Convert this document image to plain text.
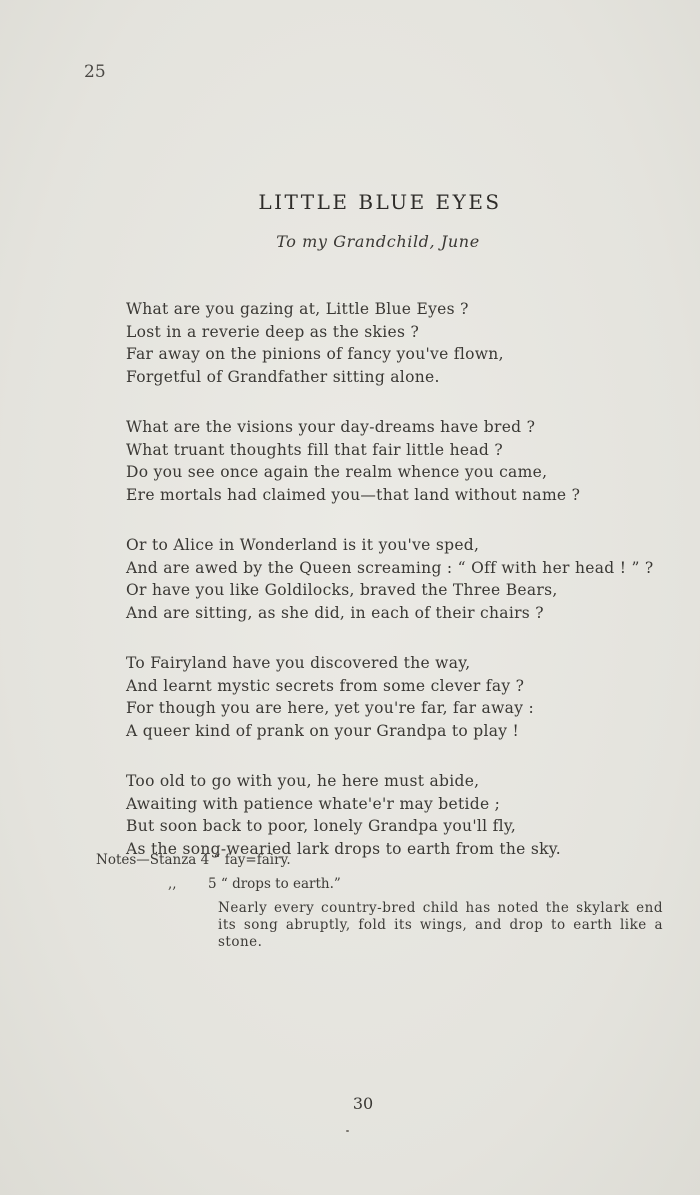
25
LITTLE BLUE EYES
To my Grandchild, June
What are you gazing at, Little Blue Eyes ?
Lost in a reverie deep as the skies ?
Far away on the pinions of fancy you've flown,
Forgetful of Grandfather sitting alone.
What are the visions your day-dreams have bred ?
What truant thoughts fill that fair little head ?
Do you see once again the realm whence you came,
Ere mortals had claimed you—that land without name ?
Or to Alice in Wonderland is it you've sped,
And are awed by the Queen screaming : “ Off with her head ! ” ?
Or have you like Goldilocks, braved the Three Bears,
And are sitting, as she did, in each of their chairs ?
To Fairyland have you discovered the way,
And learnt mystic secrets from some clever fay ?
For though you are here, yet you're far, far away :
A queer kind of prank on your Grandpa to play !
Too old to go with you, he here must abide,
Awaiting with patience whate'e'r may betide ;
But soon back to poor, lonely Grandpa you'll fly,
As the song-wearied lark drops to earth from the sky.
Notes—Stanza 4 “ fay=fairy.
,, 5 “ drops to earth.”
Nearly every country-bred child has noted the skylark end its song abruptly, fold its wings, and drop to earth like a stone.
30
